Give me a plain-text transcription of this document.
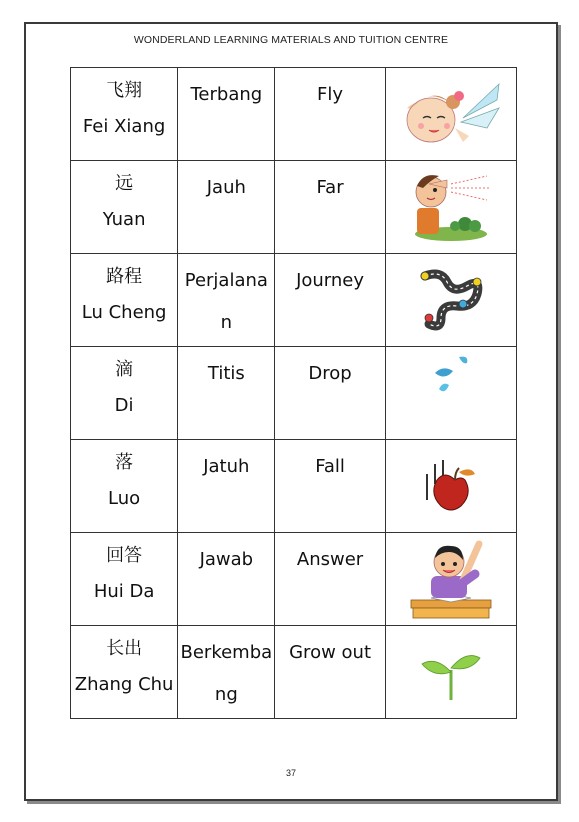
WONDERLAND LEARNING MATERIALS AND TUITION CENTRE
飞翔
Fei Xiang	Terbang	Fly

远
Yuan	Jauh	Far

路程
Lu Cheng	Perjalanan	Journey

滴
Di	Titis	Drop

落
Luo	Jatuh	Fall

回答
Hui Da	Jawab	Answer

长出
Zhang Chu	Berkembang	Grow out

37
